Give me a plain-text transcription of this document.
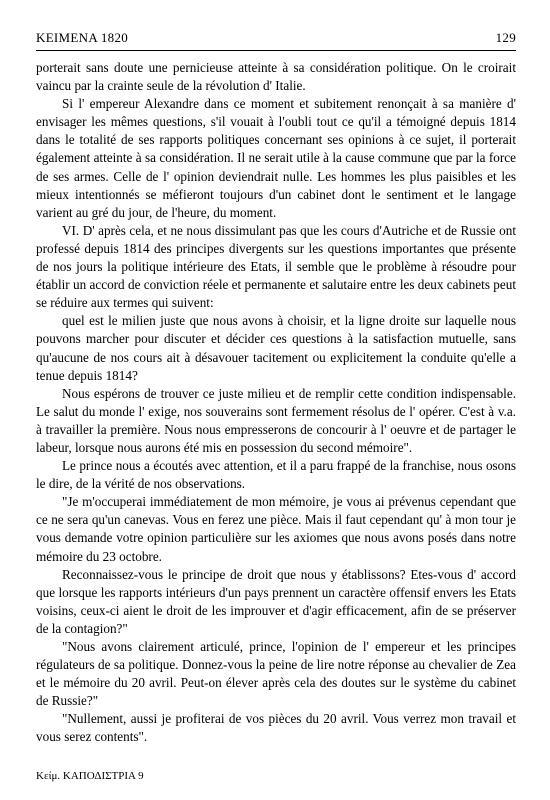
KEIMENA 1820	129

porterait sans doute une pernicieuse atteinte à sa considération politique. On le croirait vaincu par la crainte seule de la révolution d' Italie.

Si l' empereur Alexandre dans ce moment et subitement renonçait à sa manière d' envisager les mêmes questions, s'il vouait à l'oubli tout ce qu'il a témoigné depuis 1814 dans le totalité de ses rapports politiques concernant ses opinions à ce sujet, il porterait également atteinte à sa considération. Il ne serait utile à la cause commune que par la force de ses armes. Celle de l' opinion deviendrait nulle. Les hommes les plus paisibles et les mieux intentionnés se méfieront toujours d'un cabinet dont le sentiment et le langage varient au gré du jour, de l'heure, du moment.

VI. D' après cela, et ne nous dissimulant pas que les cours d'Autriche et de Russie ont professé depuis 1814 des principes divergents sur les questions importantes que présente de nos jours la politique intérieure des Etats, il semble que le problème à résoudre pour établir un accord de conviction réele et permanente et salutaire entre les deux cabinets peut se réduire aux termes qui suivent:

quel est le milien juste que nous avons à choisir, et la ligne droite sur laquelle nous pouvons marcher pour discuter et décider ces questions à la satisfaction mutuelle, sans qu'aucune de nos cours ait à désavouer tacitement ou explicitement la conduite qu'elle a tenue depuis 1814?

Nous espérons de trouver ce juste milieu et de remplir cette condition indispensable. Le salut du monde l' exige, nos souverains sont fermement résolus de l' opérer. C'est à v.a. à travailler la première. Nous nous empresserons de concourir à l' oeuvre et de partager le labeur, lorsque nous aurons été mis en possession du second mémoire".

Le prince nous a écoutés avec attention, et il a paru frappé de la franchise, nous osons le dire, de la vérité de nos observations.

"Je m'occuperai immédiatement de mon mémoire, je vous ai prévenus cependant que ce ne sera qu'un canevas. Vous en ferez une pièce. Mais il faut cependant qu' à mon tour je vous demande votre opinion particulière sur les axiomes que nous avons posés dans notre mémoire du 23 octobre.

Reconnaissez-vous le principe de droit que nous y établissons? Etes-vous d' accord que lorsque les rapports intérieurs d'un pays prennent un caractère offensif envers les Etats voisins, ceux-ci aient le droit de les improuver et d'agir efficacement, afin de se préserver de la contagion?"

"Nous avons clairement articulé, prince, l'opinion de l' empereur et les principes régulateurs de sa politique. Donnez-vous la peine de lire notre réponse au chevalier de Zea et le mémoire du 20 avril. Peut-on élever après cela des doutes sur le système du cabinet de Russie?"

"Nullement, aussi je profiterai de vos pièces du 20 avril. Vous verrez mon travail et vous serez contents".

Κείμ. ΚΑΠΟΔΙΣΤΡΙΑ 9
